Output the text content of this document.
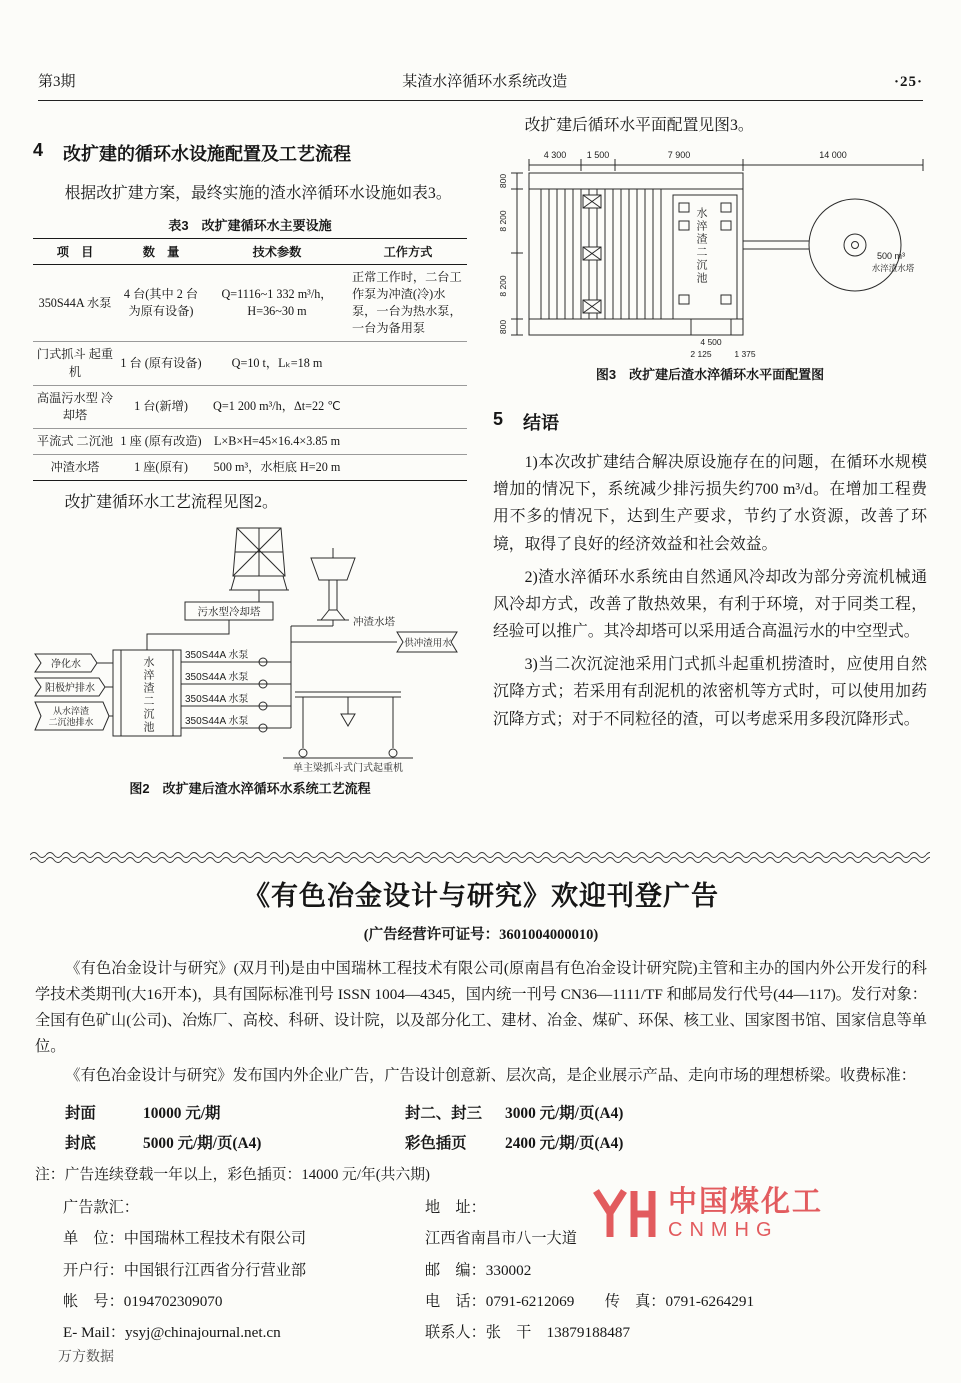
第3期	某渣水淬循环水系统改造	·25·
4 改扩建的循环水设施配置及工艺流程

根据改扩建方案，最终实施的渣水淬循环水设施如表3。

表3　改扩建循环水主要设施
项　目	数　量	技术参数	工作方式
350S44A 水泵	4 台(其中 2 台为原有设备)	Q=1116~1 332 m³/h，H=36~30 m	正常工作时，二台工作泵为冲渣(冷)水泵，一台为热水泵，一台为备用泵
门式抓斗 起重机	1 台 (原有设备)	Q=10 t，Lₖ=18 m	
高温污水型 冷却塔	1 台(新增)	Q=1 200 m³/h，Δt=22 ℃	
平流式 二沉池	1 座 (原有改造)	L×B×H=45×16.4×3.85 m	
冲渣水塔	1 座(原有)	500 m³，水柜底 H=20 m	

改扩建循环水工艺流程见图2。

污水型冷却塔
冲渣水塔
供冲渣用水
净化水
阳极炉排水
从水淬渣
二沉池排水
350S44A 水泵
350S44A 水泵
350S44A 水泵
350S44A 水泵
单主梁抓斗式门式起重机
水淬渣二沉池
图2　改扩建后渣水淬循环水系统工艺流程

改扩建后循环水平面配置见图3。

4 300 1 500	7 900	14 000
800
8 200
8 200
800
4 500
2 125	1 375
500 m³
水淬渣水塔
水淬渣二沉池
图3　改扩建后渣水淬循环水平面配置图
5 结语

1)本次改扩建结合解决原设施存在的问题，在循环水规模增加的情况下，系统减少排污损失约700 m³/d。在增加工程费用不多的情况下，达到生产要求，节约了水资源，改善了环境，取得了良好的经济效益和社会效益。

2)渣水淬循环水系统由自然通风冷却改为部分旁流机械通风冷却方式，改善了散热效果，有利于环境，对于同类工程，经验可以推广。其冷却塔可以采用适合高温污水的中空型式。

3)当二次沉淀池采用门式抓斗起重机捞渣时，应使用自然沉降方式；若采用有刮泥机的浓密机等方式时，可以使用加药沉降方式；对于不同粒径的渣，可以考虑采用多段沉降形式。

《有色冶金设计与研究》欢迎刊登广告
(广告经营许可证号：3601004000010)

《有色冶金设计与研究》(双月刊)是由中国瑞林工程技术有限公司(原南昌有色冶金设计研究院)主管和主办的国内外公开发行的科学技术类期刊(大16开本)，具有国际标准刊号 ISSN 1004—4345，国内统一刊号 CN36—1111/TF 和邮局发行代号(44—117)。发行对象：全国有色矿山(公司)、冶炼厂、高校、科研、设计院，以及部分化工、建材、冶金、煤矿、环保、核工业、国家图书馆、国家信息等单位。

《有色冶金设计与研究》发布国内外企业广告，广告设计创意新、层次高，是企业展示产品、走向市场的理想桥梁。收费标准：

封面	10000 元/期	封二、封三	3000 元/期/页(A4)
封底	5000 元/期/页(A4)	彩色插页	2400 元/期/页(A4)
注：广告连续登载一年以上，彩色插页：14000 元/年(共六期)
广告款汇：
单　位：中国瑞林工程技术有限公司
开户行：中国银行江西省分行营业部
帐　号：0194702309070
E- Mail：ysyj@chinajournal.net.cn
地　址：
江西省南昌市八一大道
邮　编：330002
电　话：0791-6212069　　传　真：0791-6264291
联系人：张　干　13879188487
中国煤化工
CNMHG
万方数据
